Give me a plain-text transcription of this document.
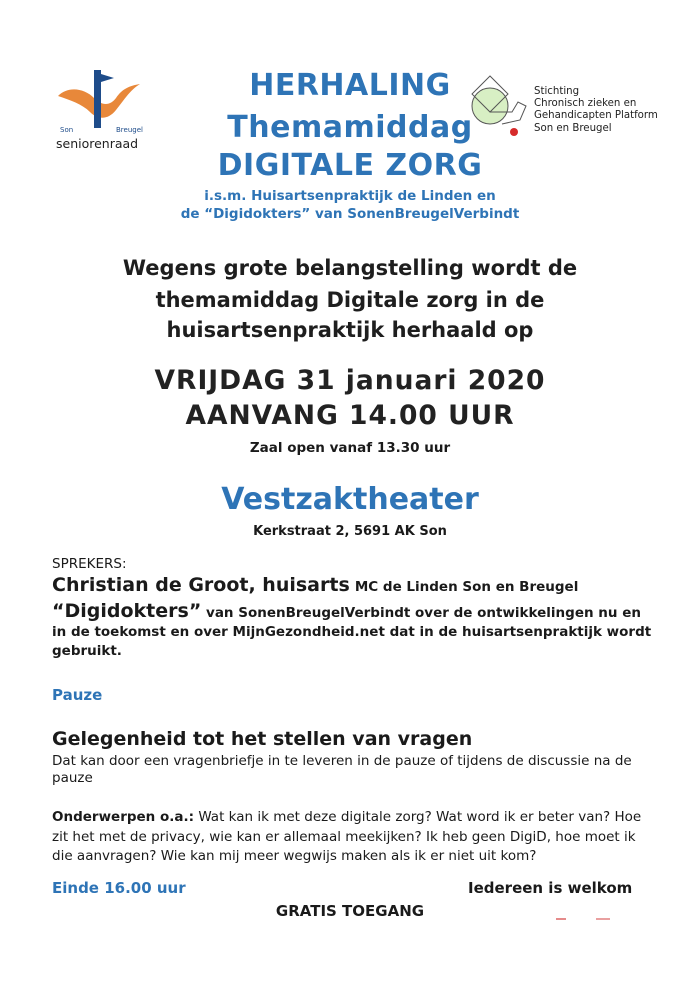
Son	Breugel
seniorenraad
Stichting
Chronisch zieken en
Gehandicapten Platform
Son en Breugel
HERHALING
Themamiddag
DIGITALE ZORG
i.s.m. Huisartsenpraktijk de Linden en
de “Digidokters” van SonenBreugelVerbindt
Wegens grote belangstelling wordt de
themamiddag Digitale zorg in de
huisartsenpraktijk herhaald op
VRIJDAG 31 januari 2020
AANVANG 14.00 UUR
Zaal open vanaf 13.30 uur
Vestzaktheater
Kerkstraat 2, 5691 AK Son
SPREKERS:
Christian de Groot, huisarts MC de Linden Son en Breugel
“Digidokters” van SonenBreugelVerbindt over de ontwikkelingen nu en in de toekomst en over MijnGezondheid.net dat in de huisartsenpraktijk wordt gebruikt.
Pauze
Gelegenheid tot het stellen van vragen
Dat kan door een vragenbriefje in te leveren in de pauze of tijdens de discussie na de pauze
Onderwerpen o.a.: Wat kan ik met deze digitale zorg? Wat word ik er beter van? Hoe zit het met de privacy, wie kan er allemaal meekijken? Ik heb geen DigiD, hoe moet ik die aanvragen? Wie kan mij meer wegwijs maken als ik er niet uit kom?
Einde 16.00 uur	Iedereen is welkom
GRATIS TOEGANG
